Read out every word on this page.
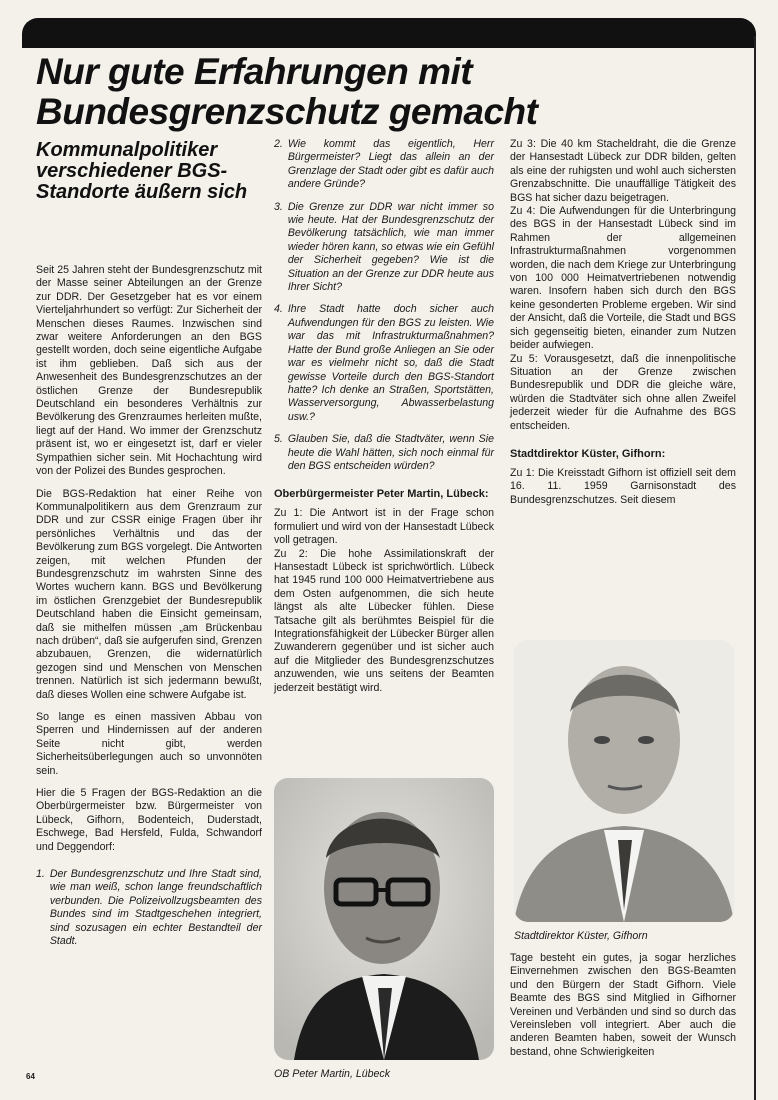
Nur gute Erfahrungen mit Bundesgrenzschutz gemacht
Kommunalpolitiker verschiedener BGS-Standorte äußern sich

Seit 25 Jahren steht der Bundesgrenzschutz mit der Masse seiner Abteilungen an der Grenze zur DDR. Der Gesetzgeber hat es vor einem Vierteljahrhundert so verfügt: Zur Sicherheit der Menschen dieses Raumes. Inzwischen sind zwar weitere Anforderungen an den BGS gestellt worden, doch seine eigentliche Aufgabe ist ihm geblieben. Daß sich aus der Anwesenheit des Bundesgrenzschutzes an der östlichen Grenze der Bundesrepublik Deutschland ein besonderes Verhältnis zur Bevölkerung des Grenzraumes herleiten mußte, liegt auf der Hand. Wo immer der Grenzschutz präsent ist, wo er eingesetzt ist, darf er vieler Sympathien sicher sein. Mit Hochachtung wird von der Polizei des Bundes gesprochen.

Die BGS-Redaktion hat einer Reihe von Kommunalpolitikern aus dem Grenzraum zur DDR und zur CSSR einige Fragen über ihr persönliches Verhältnis und das der Bevölkerung zum BGS vorgelegt. Die Antworten zeigen, mit welchen Pfunden der Bundesgrenzschutz im wahrsten Sinne des Wortes wuchern kann. BGS und Bevölkerung im östlichen Grenzgebiet der Bundesrepublik Deutschland haben die Einsicht gemeinsam, daß sie mithelfen müssen „am Brückenbau nach drüben“, daß sie aufgerufen sind, Grenzen abzubauen, Grenzen, die widernatürlich gezogen sind und Menschen von Menschen trennen. Natürlich ist sich jedermann bewußt, daß dieses Wollen eine schwere Aufgabe ist.

So lange es einen massiven Abbau von Sperren und Hindernissen auf der anderen Seite nicht gibt, werden Sicherheitsüberlegungen auch so unvonnöten sein.

Hier die 5 Fragen der BGS-Redaktion an die Oberbürgermeister bzw. Bürgermeister von Lübeck, Gifhorn, Bodenteich, Duderstadt, Eschwege, Bad Hersfeld, Fulda, Schwandorf und Deggendorf:

1. Der Bundesgrenzschutz und Ihre Stadt sind, wie man weiß, schon lange freundschaftlich verbunden. Die Polizeivollzugsbeamten des Bundes sind im Stadtgeschehen integriert, sind sozusagen ein echter Bestandteil der Stadt.
2. Wie kommt das eigentlich, Herr Bürgermeister? Liegt das allein an der Grenzlage der Stadt oder gibt es dafür auch andere Gründe?
3. Die Grenze zur DDR war nicht immer so wie heute. Hat der Bundesgrenzschutz der Bevölkerung tatsächlich, wie man immer wieder hören kann, so etwas wie ein Gefühl der Sicherheit gegeben? Wie ist die Situation an der Grenze zur DDR heute aus Ihrer Sicht?
4. Ihre Stadt hatte doch sicher auch Aufwendungen für den BGS zu leisten. Wie war das mit Infrastrukturmaßnahmen? Hatte der Bund große Anliegen an Sie oder war es vielmehr nicht so, daß die Stadt gewisse Vorteile durch den BGS-Standort hatte? Ich denke an Straßen, Sportstätten, Wasserversorgung, Abwasserbelastung usw.?
5. Glauben Sie, daß die Stadtväter, wenn Sie heute die Wahl hätten, sich noch einmal für den BGS entscheiden würden?
Oberbürgermeister Peter Martin, Lübeck:

Zu 1: Die Antwort ist in der Frage schon formuliert und wird von der Hansestadt Lübeck voll getragen.

Zu 2: Die hohe Assimilationskraft der Hansestadt Lübeck ist sprichwörtlich. Lübeck hat 1945 rund 100 000 Heimatvertriebene aus dem Osten aufgenommen, die sich heute längst als alte Lübecker fühlen. Diese Tatsache gilt als berühmtes Beispiel für die Integrationsfähigkeit der Lübecker Bürger allen Zuwanderern gegenüber und ist sicher auch auf die Mitglieder des Bundesgrenzschutzes anzuwenden, wie uns seitens der Beamten jederzeit bestätigt wird.

Zu 3: Die 40 km Stacheldraht, die die Grenze der Hansestadt Lübeck zur DDR bilden, gelten als eine der ruhigsten und wohl auch sichersten Grenzabschnitte. Die unauffällige Tätigkeit des BGS hat sicher dazu beigetragen.

Zu 4: Die Aufwendungen für die Unterbringung des BGS in der Hansestadt Lübeck sind im Rahmen der allgemeinen Infrastrukturmaßnahmen vorgenommen worden, die nach dem Kriege zur Unterbringung von 100 000 Heimatvertriebenen notwendig waren. Insofern haben sich durch den BGS keine gesonderten Probleme ergeben. Wir sind der Ansicht, daß die Vorteile, die Stadt und BGS sich gegenseitig bieten, einander zum Nutzen beider aufwiegen.

Zu 5: Vorausgesetzt, daß die innenpolitische Situation an der Grenze zwischen Bundesrepublik und DDR die gleiche wäre, würden die Stadtväter sich ohne allen Zweifel jederzeit wieder für die Aufnahme des BGS entscheiden.

Stadtdirektor Küster, Gifhorn:

Zu 1: Die Kreisstadt Gifhorn ist offiziell seit dem 16. 11. 1959 Garnisonstadt des Bundesgrenzschutzes. Seit diesem

OB Peter Martin, Lübeck

Stadtdirektor Küster, Gifhorn

Tage besteht ein gutes, ja sogar herzliches Einvernehmen zwischen den BGS-Beamten und den Bürgern der Stadt Gifhorn. Viele Beamte des BGS sind Mitglied in Gifhorner Vereinen und Verbänden und sind so durch das Vereinsleben voll integriert. Aber auch die anderen Beamten haben, soweit der Wunsch bestand, ohne Schwierigkeiten

64
